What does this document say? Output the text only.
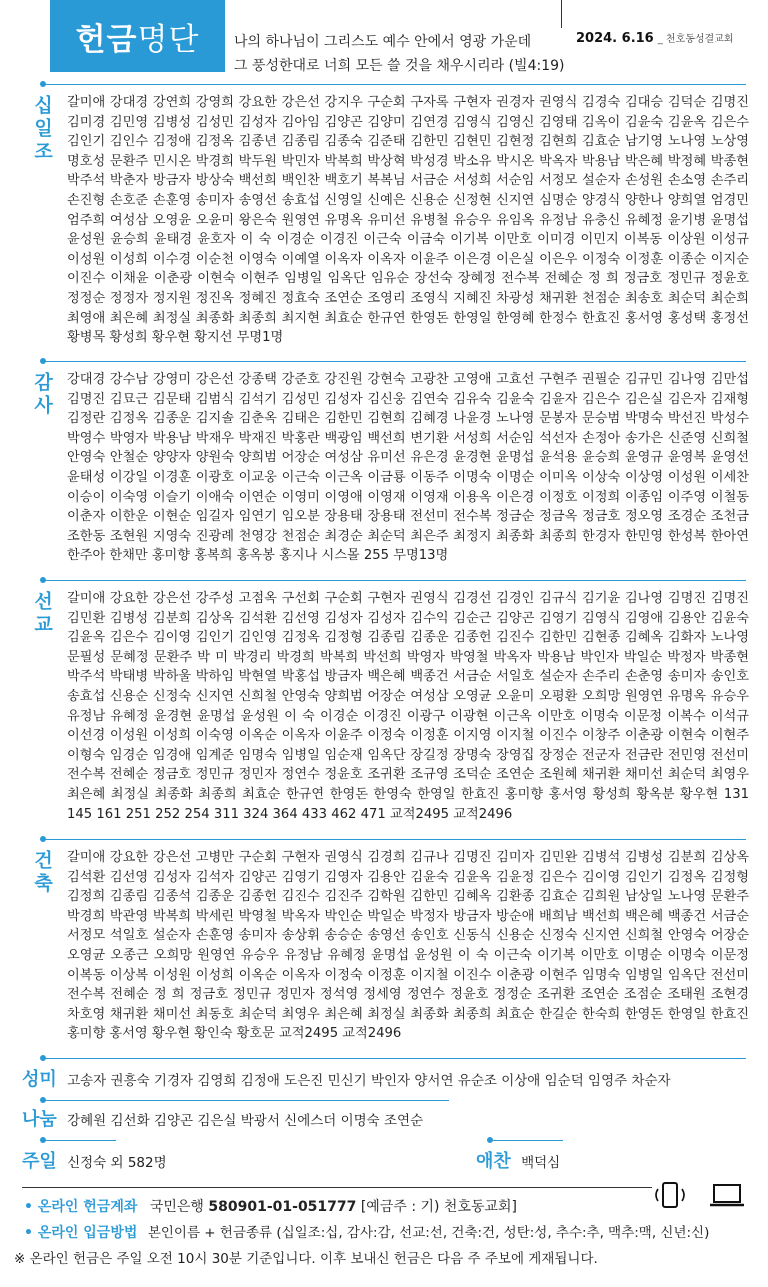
헌금 명단 나의 하나님이 그리스도 예수 안에서 영광 가운데
그 풍성한대로 너희 모든 쓸 것을 채우시리라 (빌4:19)
2024. 6.16 _ 천호동성결교회
십일조	갈미애 강대경 강연희 강영희 강요한 강은선 강지우 구순회 구자록 구현자 권경자 권영식 김경숙 김대승 김덕순 김명진 김미경 김민영 김병성 김성민 김성자 김아임 김양곤 김양미 김연경 김영식 김영신 김영태 김옥이 김윤숙 김윤옥 김은수 김인기 김인수 김정애 김정옥 김종년 김종림 김종숙 김준태 김한민 김현민 김현정 김현희 김효순 남기영 노나영 노상영 명호성 문환주 민시온 박경희 박두원 박민자 박복희 박상혁 박성경 박소유 박시온 박옥자 박용남 박은혜 박정혜 박종현 박주석 박춘자 방금자 방상숙 백선희 백인찬 백호기 복복님 서금순 서성희 서순임 서정모 설순자 손성원 손소영 손주리 손진형 손호준 손훈영 송미자 송영선 송효섭 신영일 신예은 신용순 신정현 신지연 심명순 양경식 양한나 양희열 엄경민 엄주희 여성삼 오영윤 오윤미 왕은숙 원영연 유명옥 유미선 유병철 유승우 유임옥 유정남 유충신 유혜정 윤기병 윤명섭 윤성원 윤승희 윤태경 윤호자 이 숙 이경순 이경진 이근숙 이금숙 이기복 이만호 이미경 이민지 이복동 이상원 이성규 이성원 이성희 이수경 이순천 이영숙 이예열 이옥자 이옥자 이윤주 이은경 이은실 이은우 이정숙 이정훈 이종순 이지순 이진수 이채윤 이춘광 이현숙 이현주 임병일 임옥단 임유순 장선숙 장혜정 전수복 전혜순 정 희 정금호 정민규 정윤호 정정순 정정자 정지원 정진옥 정혜진 정효숙 조연순 조영리 조영식 지혜진 차광성 채귀환 천점순 최송호 최순덕 최순희 최영애 최은혜 최정실 최종화 최종희 최지현 최효순 한규연 한영돈 한영일 한영혜 한정수 한효진 홍서영 홍성택 홍정선 황병목 황성희 황우현 황지선 무명1명
감사	강대경 강수남 강영미 강은선 강종택 강준호 강진원 강현숙 고광찬 고영애 고효선 구현주 권필순 김규민 김나영 김만섭 김명진 김묘근 김문태 김범식 김석기 김성민 김성자 김신웅 김연숙 김유숙 김윤숙 김윤자 김은수 김은실 김은자 김재형 김정란 김정옥 김종운 김지솔 김춘옥 김태은 김한민 김현희 김혜경 나윤경 노나영 문봉자 문승범 박명숙 박선진 박성수 박영수 박영자 박용남 박재우 박재진 박홍란 백광임 백선희 변기환 서성희 서순임 석선자 손정아 송가은 신준영 신희철 안영숙 안철순 양양자 양원숙 양희범 어장순 여성삼 유미선 유은경 윤경현 윤명섭 윤석용 윤승희 윤영규 윤영복 윤영선 윤태성 이강일 이경훈 이광호 이교웅 이근숙 이근옥 이금룡 이동주 이명숙 이명순 이미옥 이상숙 이상영 이성원 이세찬 이승이 이숙영 이슬기 이애숙 이연순 이영미 이영애 이영재 이영재 이용옥 이은경 이정호 이정희 이종임 이주영 이철동 이춘자 이한운 이현순 임길자 임연기 임오분 장용태 장용태 전선미 전수복 정금순 정금옥 정금호 정오영 조경순 조천금 조한동 조현원 지영숙 진광례 천영강 천점순 최경순 최순덕 최은주 최정지 최종화 최종희 한경자 한민영 한성복 한아연 한주아 한채만 홍미향 홍복희 홍옥봉 홍지나 시스몰 255 무명13명
선교	갈미애 강요한 강은선 강주성 고점옥 구선회 구순회 구현자 권영식 김경선 김경인 김규식 김기윤 김나영 김명진 김명진 김민환 김병성 김분희 김상옥 김석환 김선영 김성자 김성자 김수익 김순근 김양곤 김영기 김영식 김영애 김용안 김윤숙 김윤옥 김은수 김이영 김인기 김인영 김정옥 김정형 김종림 김종운 김종헌 김진수 김한민 김현종 김혜옥 김화자 노나영 문필성 문혜정 문환주 박 미 박경리 박경희 박복희 박선희 박영자 박영철 박옥자 박용남 박인자 박일순 박정자 박종현 박주석 박태병 박하울 박하임 박현열 박홍섭 방금자 백은혜 백종건 서금순 서일호 설순자 손주리 손춘영 송미자 송인호 송효섭 신용순 신정숙 신지연 신희철 안영숙 양희범 어장순 여성삼 오영균 오윤미 오평환 오희망 원영연 유명옥 유승우 유정남 유혜정 윤경현 윤명섭 윤성원 이 숙 이경순 이경진 이광구 이광현 이근옥 이만호 이명숙 이문정 이복수 이석규 이선경 이성원 이성희 이숙영 이옥순 이옥자 이윤주 이정숙 이정훈 이지영 이지철 이진수 이창주 이춘광 이현숙 이현주 이형숙 임경순 임경애 임계준 임명숙 임병일 임순재 임옥단 장길정 장명숙 장영집 장정순 전군자 전금란 전민영 전선미 전수복 전혜순 정금호 정민규 정민자 정연수 정윤호 조귀환 조규영 조덕순 조연순 조원혜 채귀환 채미선 최순덕 최영우 최은혜 최정실 최종화 최종희 최효순 한규연 한영돈 한영숙 한영일 한효진 홍미향 홍서영 황성희 황옥분 황우현 131 145 161 251 252 254 311 324 364 433 462 471 교적2495 교적2496
건축	갈미애 강요한 강은선 고병만 구순회 구현자 권영식 김경희 김규나 김명진 김미자 김민완 김병석 김병성 김분희 김상옥 김석환 김선영 김성자 김석자 김양곤 김영기 김영자 김용안 김윤숙 김윤옥 김윤정 김은수 김이영 김인기 김정옥 김정형 김정희 김종림 김종석 김종운 김종헌 김진수 김진주 김학원 김한민 김혜옥 김환종 김효순 김희원 남상일 노나영 문환주 박경희 박관영 박복희 박세린 박영철 박옥자 박인순 박일순 박정자 방금자 방순애 배희남 백선희 백은혜 백종건 서금순 서정모 석일호 설순자 손훈영 송미자 송상휘 송승순 송영선 송인호 신동식 신용순 신정숙 신지연 신희철 안영숙 어장순 오영균 오종근 오희망 원영연 유승우 유정남 유혜정 윤명섭 윤성원 이 숙 이근숙 이기복 이만호 이명순 이명숙 이문정 이복동 이상복 이성원 이성희 이옥순 이옥자 이정숙 이정훈 이지철 이진수 이춘광 이현주 임명숙 임병일 임옥단 전선미 전수복 전혜순 정 희 정금호 정민규 정민자 정석영 정세영 정연수 정윤호 정정순 조귀환 조연순 조점순 조태원 조현경 차호영 채귀환 채미선 최동호 최순덕 최영우 최은혜 최정실 최종화 최종희 최효순 한길순 한숙희 한영돈 한영일 한효진 홍미향 홍서영 황우현 황인숙 황호문 교적2495 교적2496
성미 고송자 권흥숙 기경자 김영희 김정애 도은진 민신기 박인자 양서연 유순조 이상애 임순덕 임영주 차순자
나눔 강혜원 김선화 김양곤 김은실 박광서 신에스더 이명숙 조연순
주일 신정숙 외 582명	애찬 백덕심
• 온라인 헌금계좌 국민은행 580901-01-051777 [예금주 : 기) 천호동교회]
• 온라인 입금방법 본인이름 + 헌금종류 (십일조:십, 감사:감, 선교:선, 건축:건, 성탄:성, 추수:추, 맥추:맥, 신년:신)
※ 온라인 헌금은 주일 오전 10시 30분 기준입니다. 이후 보내신 헌금은 다음 주 주보에 게재됩니다.
